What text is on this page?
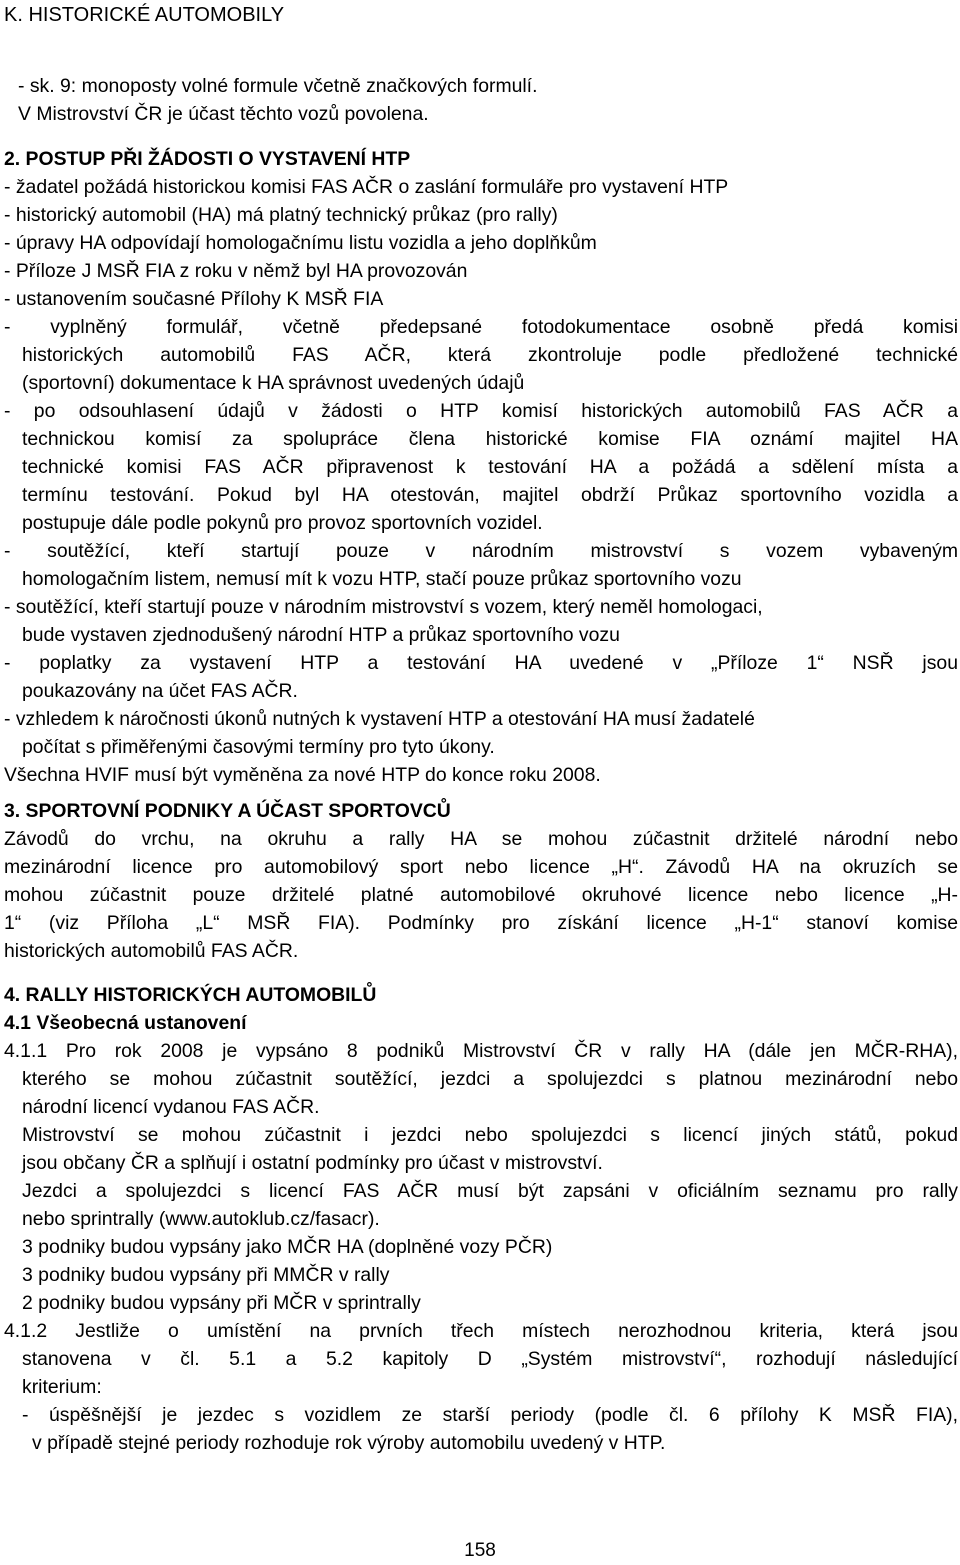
K. HISTORICKÉ AUTOMOBILY
- sk. 9: monoposty volné formule včetně značkových formulí.
V Mistrovství ČR je účast těchto vozů povolena.
2. POSTUP PŘI ŽÁDOSTI O VYSTAVENÍ HTP
- žadatel požádá historickou komisi FAS AČR o zaslání formuláře pro vystavení HTP
- historický automobil (HA) má platný technický průkaz (pro rally)
- úpravy HA odpovídají homologačnímu listu vozidla a jeho doplňkům
- Příloze J MSŘ FIA z roku v němž byl HA provozován
- ustanovením současné Přílohy K MSŘ FIA
- vyplněný formulář, včetně předepsané fotodokumentace osobně předá komisi
historických automobilů FAS AČR, která zkontroluje podle předložené technické
(sportovní) dokumentace k HA správnost uvedených údajů
- po odsouhlasení údajů v žádosti o HTP komisí historických automobilů FAS AČR a
technickou komisí za spolupráce člena historické komise FIA oznámí majitel HA
technické komisi FAS AČR připravenost k testování HA a požádá a sdělení místa a
termínu testování. Pokud byl HA otestován, majitel obdrží Průkaz sportovního vozidla a
postupuje dále podle pokynů pro provoz sportovních vozidel.
- soutěžící, kteří startují pouze v národním mistrovství s vozem vybaveným
homologačním listem, nemusí mít k vozu HTP, stačí pouze průkaz sportovního vozu
- soutěžící, kteří startují pouze v národním mistrovství s vozem, který neměl homologaci,
bude vystaven zjednodušený národní HTP a průkaz sportovního vozu
- poplatky za vystavení HTP a testování HA uvedené v „Příloze 1“ NSŘ jsou
poukazovány na účet FAS AČR.
- vzhledem k náročnosti úkonů nutných k vystavení HTP a otestování HA musí žadatelé
počítat s přiměřenými časovými termíny pro tyto úkony.
Všechna HVIF musí být vyměněna za nové HTP do konce roku 2008.
3. SPORTOVNÍ PODNIKY A ÚČAST SPORTOVCŮ
Závodů do vrchu, na okruhu a rally HA se mohou zúčastnit držitelé národní nebo
mezinárodní licence pro automobilový sport nebo licence „H“. Závodů HA na okruzích se
mohou zúčastnit pouze držitelé platné automobilové okruhové licence nebo licence „H-
1“ (viz Příloha „L“ MSŘ FIA). Podmínky pro získání licence „H-1“ stanoví komise
historických automobilů FAS AČR.
4. RALLY HISTORICKÝCH AUTOMOBILŮ
4.1 Všeobecná ustanovení
4.1.1 Pro rok 2008 je vypsáno 8 podniků Mistrovství ČR v rally HA (dále jen MČR-RHA),
kterého se mohou zúčastnit soutěžící, jezdci a spolujezdci s platnou mezinárodní nebo
národní licencí vydanou FAS AČR.
Mistrovství se mohou zúčastnit i jezdci nebo spolujezdci s licencí jiných států, pokud
jsou občany ČR a splňují i ostatní podmínky pro účast v mistrovství.
Jezdci a spolujezdci s licencí FAS AČR musí být zapsáni v oficiálním seznamu pro rally
nebo sprintrally (www.autoklub.cz/fasacr).
3 podniky budou vypsány jako MČR HA (doplněné vozy PČR)
3 podniky budou vypsány při MMČR v rally
2 podniky budou vypsány při MČR v sprintrally
4.1.2 Jestliže o umístění na prvních třech místech nerozhodnou kriteria, která jsou
stanovena v čl. 5.1 a 5.2 kapitoly D „Systém mistrovství“, rozhodují následující
kriterium:
- úspěšnější je jezdec s vozidlem ze starší periody (podle čl. 6 přílohy K MSŘ FIA),
v případě stejné periody rozhoduje rok výroby automobilu uvedený v HTP.
158
